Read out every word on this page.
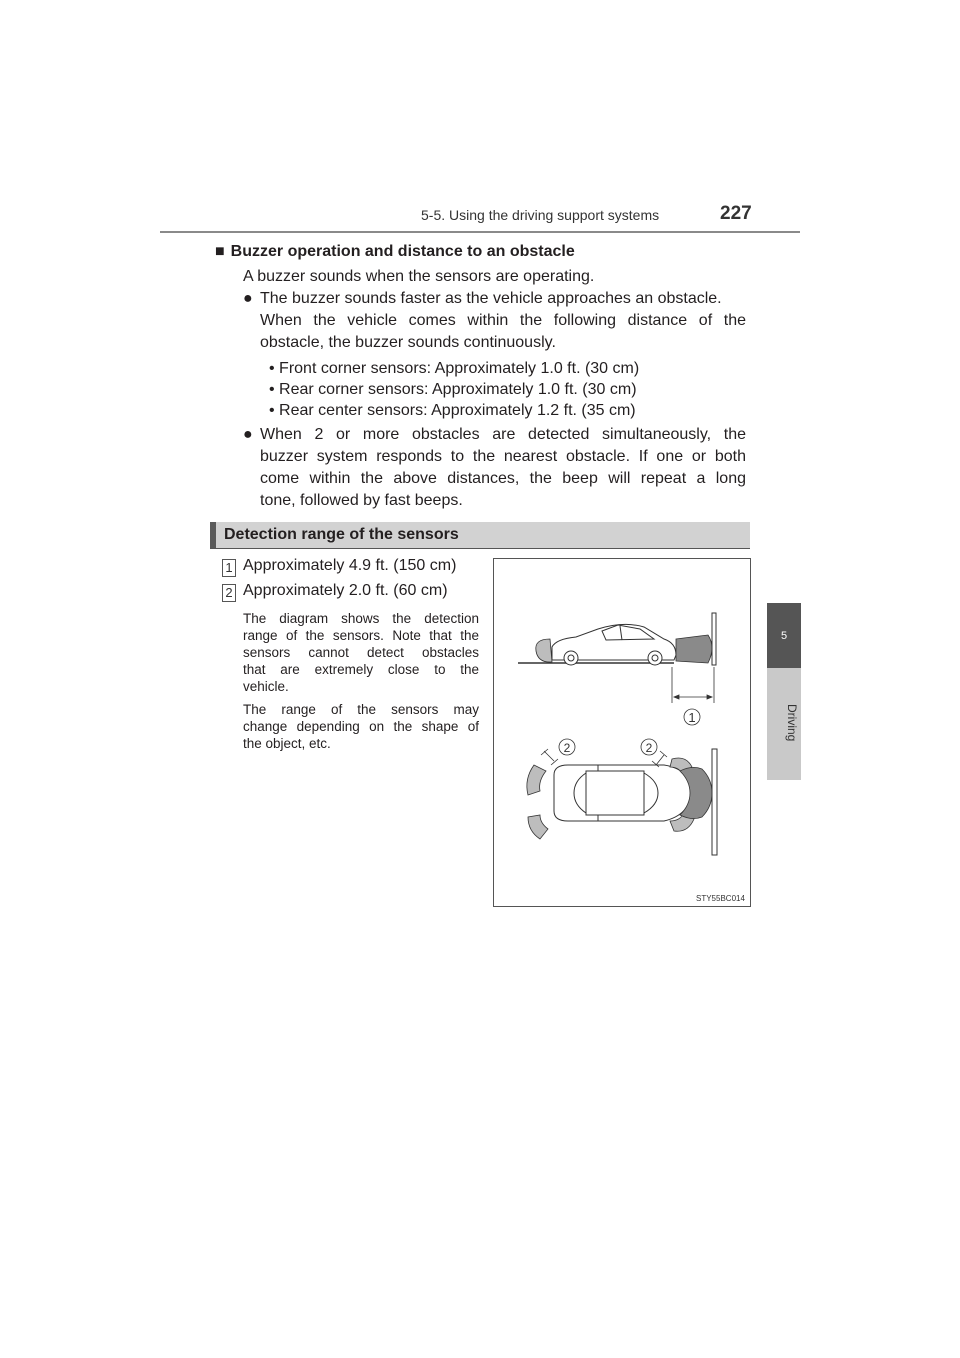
5-5. Using the driving support systems	227
5
Driving
■ Buzzer operation and distance to an obstacle
A buzzer sounds when the sensors are operating.
● The buzzer sounds faster as the vehicle approaches an obstacle.
When the vehicle comes within the following distance of the
obstacle, the buzzer sounds continuously.
• Front corner sensors: Approximately 1.0 ft. (30 cm)
• Rear corner sensors: Approximately 1.0 ft. (30 cm)
• Rear center sensors: Approximately 1.2 ft. (35 cm)
● When 2 or more obstacles are detected simultaneously, the
buzzer system responds to the nearest obstacle. If one or both
come within the above distances, the beep will repeat a long
tone, followed by fast beeps.
Detection range of the sensors
1 Approximately 4.9 ft. (150 cm)
2 Approximately 2.0 ft. (60 cm)
The diagram shows the detection
range of the sensors. Note that the
sensors cannot detect obstacles
that are extremely close to the
vehicle.
The range of the sensors may
change depending on the shape of
the object, etc.
1
2	2
STY55BC014
